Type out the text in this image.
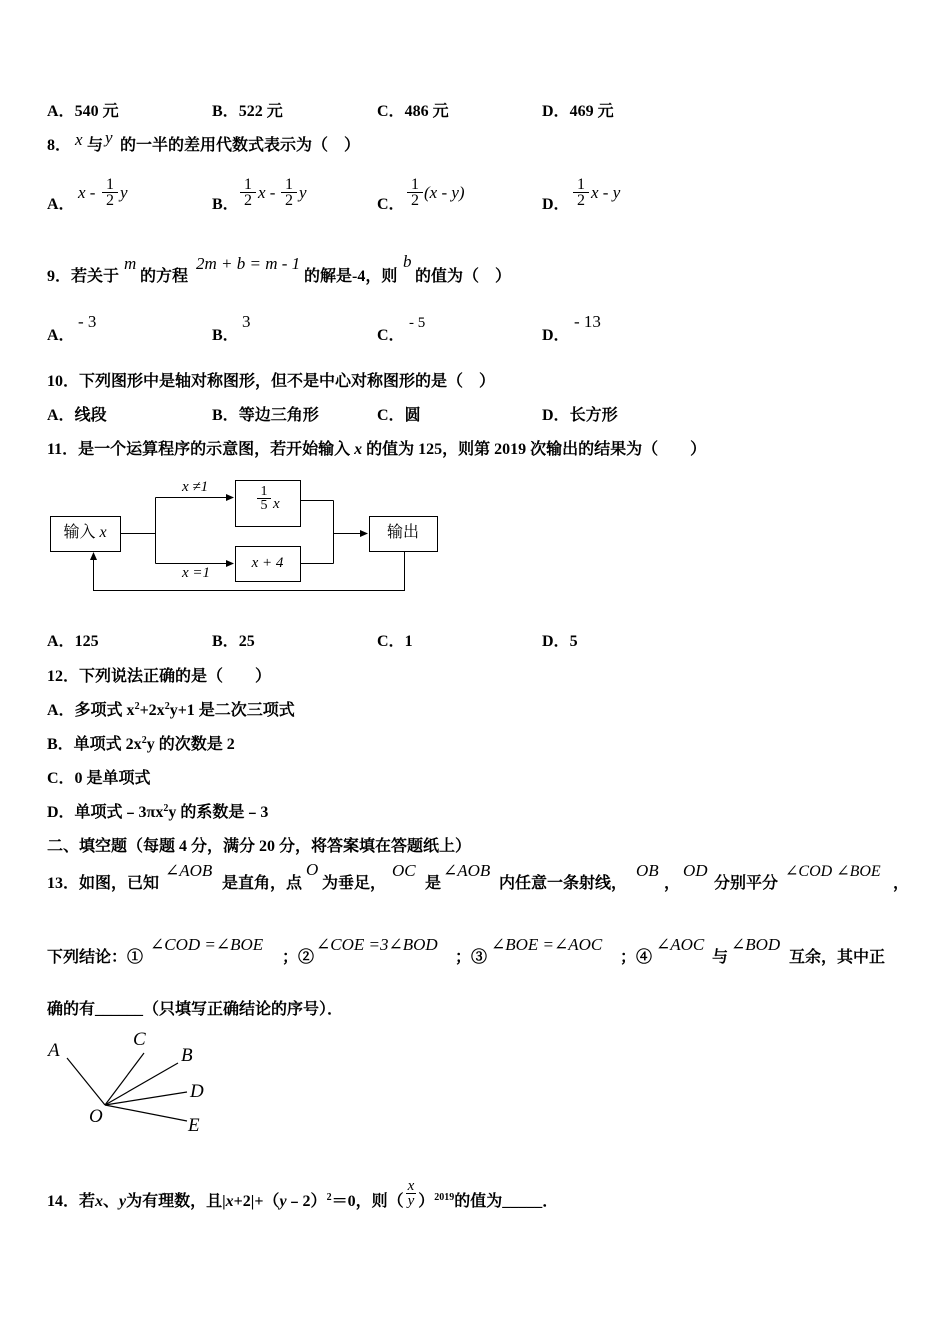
A．540 元	B．522 元	C．486 元	D．469 元
8． x 与 y 的一半的差用代数式表示为（　）
A．
x - $\frac{1}{2}$ y
B． $\frac{1}{2}$ x - $\frac{1}{2}$ y
C． $\frac{1}{2} (x - y)$
D． $\frac{1}{2}$ x - y
9．若关于
m
的方程
2m + b = m - 1
的解是-4，则
b
的值为（　）
A．
- 3
B．
3
C．
- 5
D．
- 13
10．下列图形中是轴对称图形，但不是中心对称图形的是（　）
A．线段	B．等边三角形	C．圆	D．长方形
11．是一个运算程序的示意图，若开始输入 x 的值为 125，则第 2019 次输出的结果为（　　）
输入 x
x ≠1	$\frac{1}{5}$ x
x + 4
x =1
输出
A．125	B．25	C．1	D．5
12．下列说法正确的是（　　）
A．多项式 $x^2+2x^2y+1$ 是二次三项式
B．单项式 $2x^2y$ 的次数是 2
C．0 是单项式
D．单项式$﹣3\pi x^2y$ 的系数是﹣3
二、填空题（每题 4 分，满分 20 分，将答案填在答题纸上）
13．如图，已知
∠AOB
是直角，点
O
为垂足，
OC
是
∠AOB
内任意一条射线，
OB
，
OD
分别平分
∠COD ∠BOE
，
下列结论：①
∠COD =∠BOE
；②
∠COE =3∠BOD
；③
∠BOE =∠AOC
；④
∠AOC
与
∠BOD
互余，其中正
确的有______（只填写正确结论的序号）．
A
C
B
D
E
O
14．若x、y为有理数，且|x+2|+（y﹣2）$^2$＝0，则（ $\frac{x}{y} )^{2019}$的值为_____．
